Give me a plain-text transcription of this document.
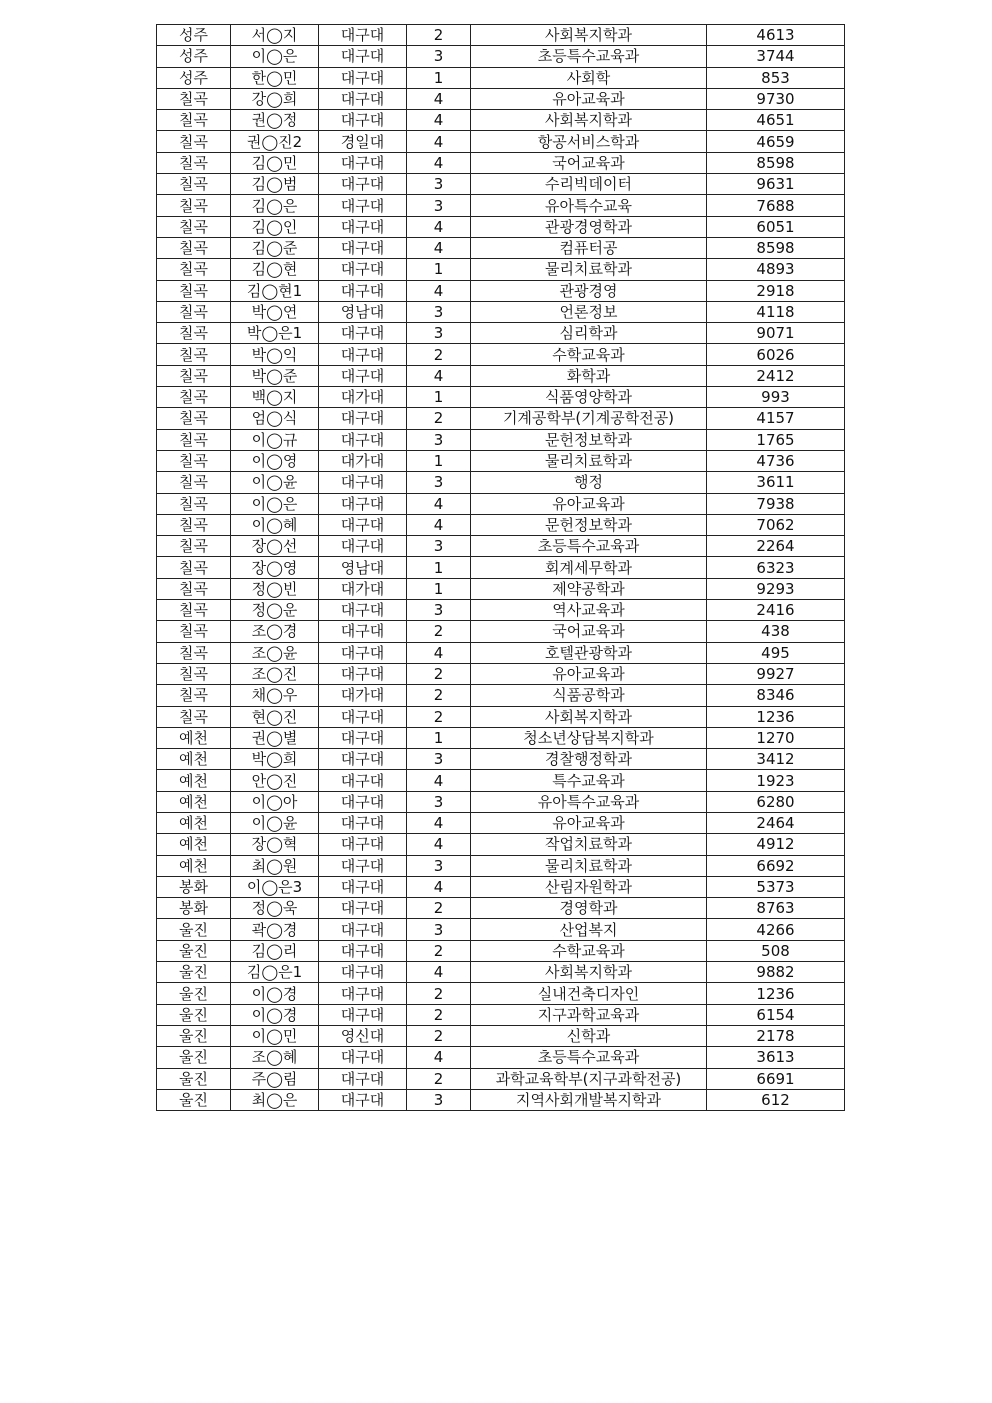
성주	서◯지	대구대	2	사회복지학과	4613
성주	이◯은	대구대	3	초등특수교육과	3744
성주	한◯민	대구대	1	사회학	853
칠곡	강◯희	대구대	4	유아교육과	9730
칠곡	권◯정	대구대	4	사회복지학과	4651
칠곡	권◯진2	경일대	4	항공서비스학과	4659
칠곡	김◯민	대구대	4	국어교육과	8598
칠곡	김◯범	대구대	3	수리빅데이터	9631
칠곡	김◯은	대구대	3	유아특수교육	7688
칠곡	김◯인	대구대	4	관광경영학과	6051
칠곡	김◯준	대구대	4	컴퓨터공	8598
칠곡	김◯현	대구대	1	물리치료학과	4893
칠곡	김◯현1	대구대	4	관광경영	2918
칠곡	박◯연	영남대	3	언론정보	4118
칠곡	박◯은1	대구대	3	심리학과	9071
칠곡	박◯익	대구대	2	수학교육과	6026
칠곡	박◯준	대구대	4	화학과	2412
칠곡	백◯지	대가대	1	식품영양학과	993
칠곡	엄◯식	대구대	2	기계공학부(기계공학전공)	4157
칠곡	이◯규	대구대	3	문헌정보학과	1765
칠곡	이◯영	대가대	1	물리치료학과	4736
칠곡	이◯윤	대구대	3	행정	3611
칠곡	이◯은	대구대	4	유아교육과	7938
칠곡	이◯혜	대구대	4	문헌정보학과	7062
칠곡	장◯선	대구대	3	초등특수교육과	2264
칠곡	장◯영	영남대	1	회계세무학과	6323
칠곡	정◯빈	대가대	1	제약공학과	9293
칠곡	정◯운	대구대	3	역사교육과	2416
칠곡	조◯경	대구대	2	국어교육과	438
칠곡	조◯윤	대구대	4	호텔관광학과	495
칠곡	조◯진	대구대	2	유아교육과	9927
칠곡	채◯우	대가대	2	식품공학과	8346
칠곡	현◯진	대구대	2	사회복지학과	1236
예천	권◯별	대구대	1	청소년상담복지학과	1270
예천	박◯희	대구대	3	경찰행정학과	3412
예천	안◯진	대구대	4	특수교육과	1923
예천	이◯아	대구대	3	유아특수교육과	6280
예천	이◯윤	대구대	4	유아교육과	2464
예천	장◯혁	대구대	4	작업치료학과	4912
예천	최◯원	대구대	3	물리치료학과	6692
봉화	이◯은3	대구대	4	산림자원학과	5373
봉화	정◯욱	대구대	2	경영학과	8763
울진	곽◯경	대구대	3	산업복지	4266
울진	김◯리	대구대	2	수학교육과	508
울진	김◯은1	대구대	4	사회복지학과	9882
울진	이◯경	대구대	2	실내건축디자인	1236
울진	이◯경	대구대	2	지구과학교육과	6154
울진	이◯민	영신대	2	신학과	2178
울진	조◯혜	대구대	4	초등특수교육과	3613
울진	주◯림	대구대	2	과학교육학부(지구과학전공)	6691
울진	최◯은	대구대	3	지역사회개발복지학과	612
